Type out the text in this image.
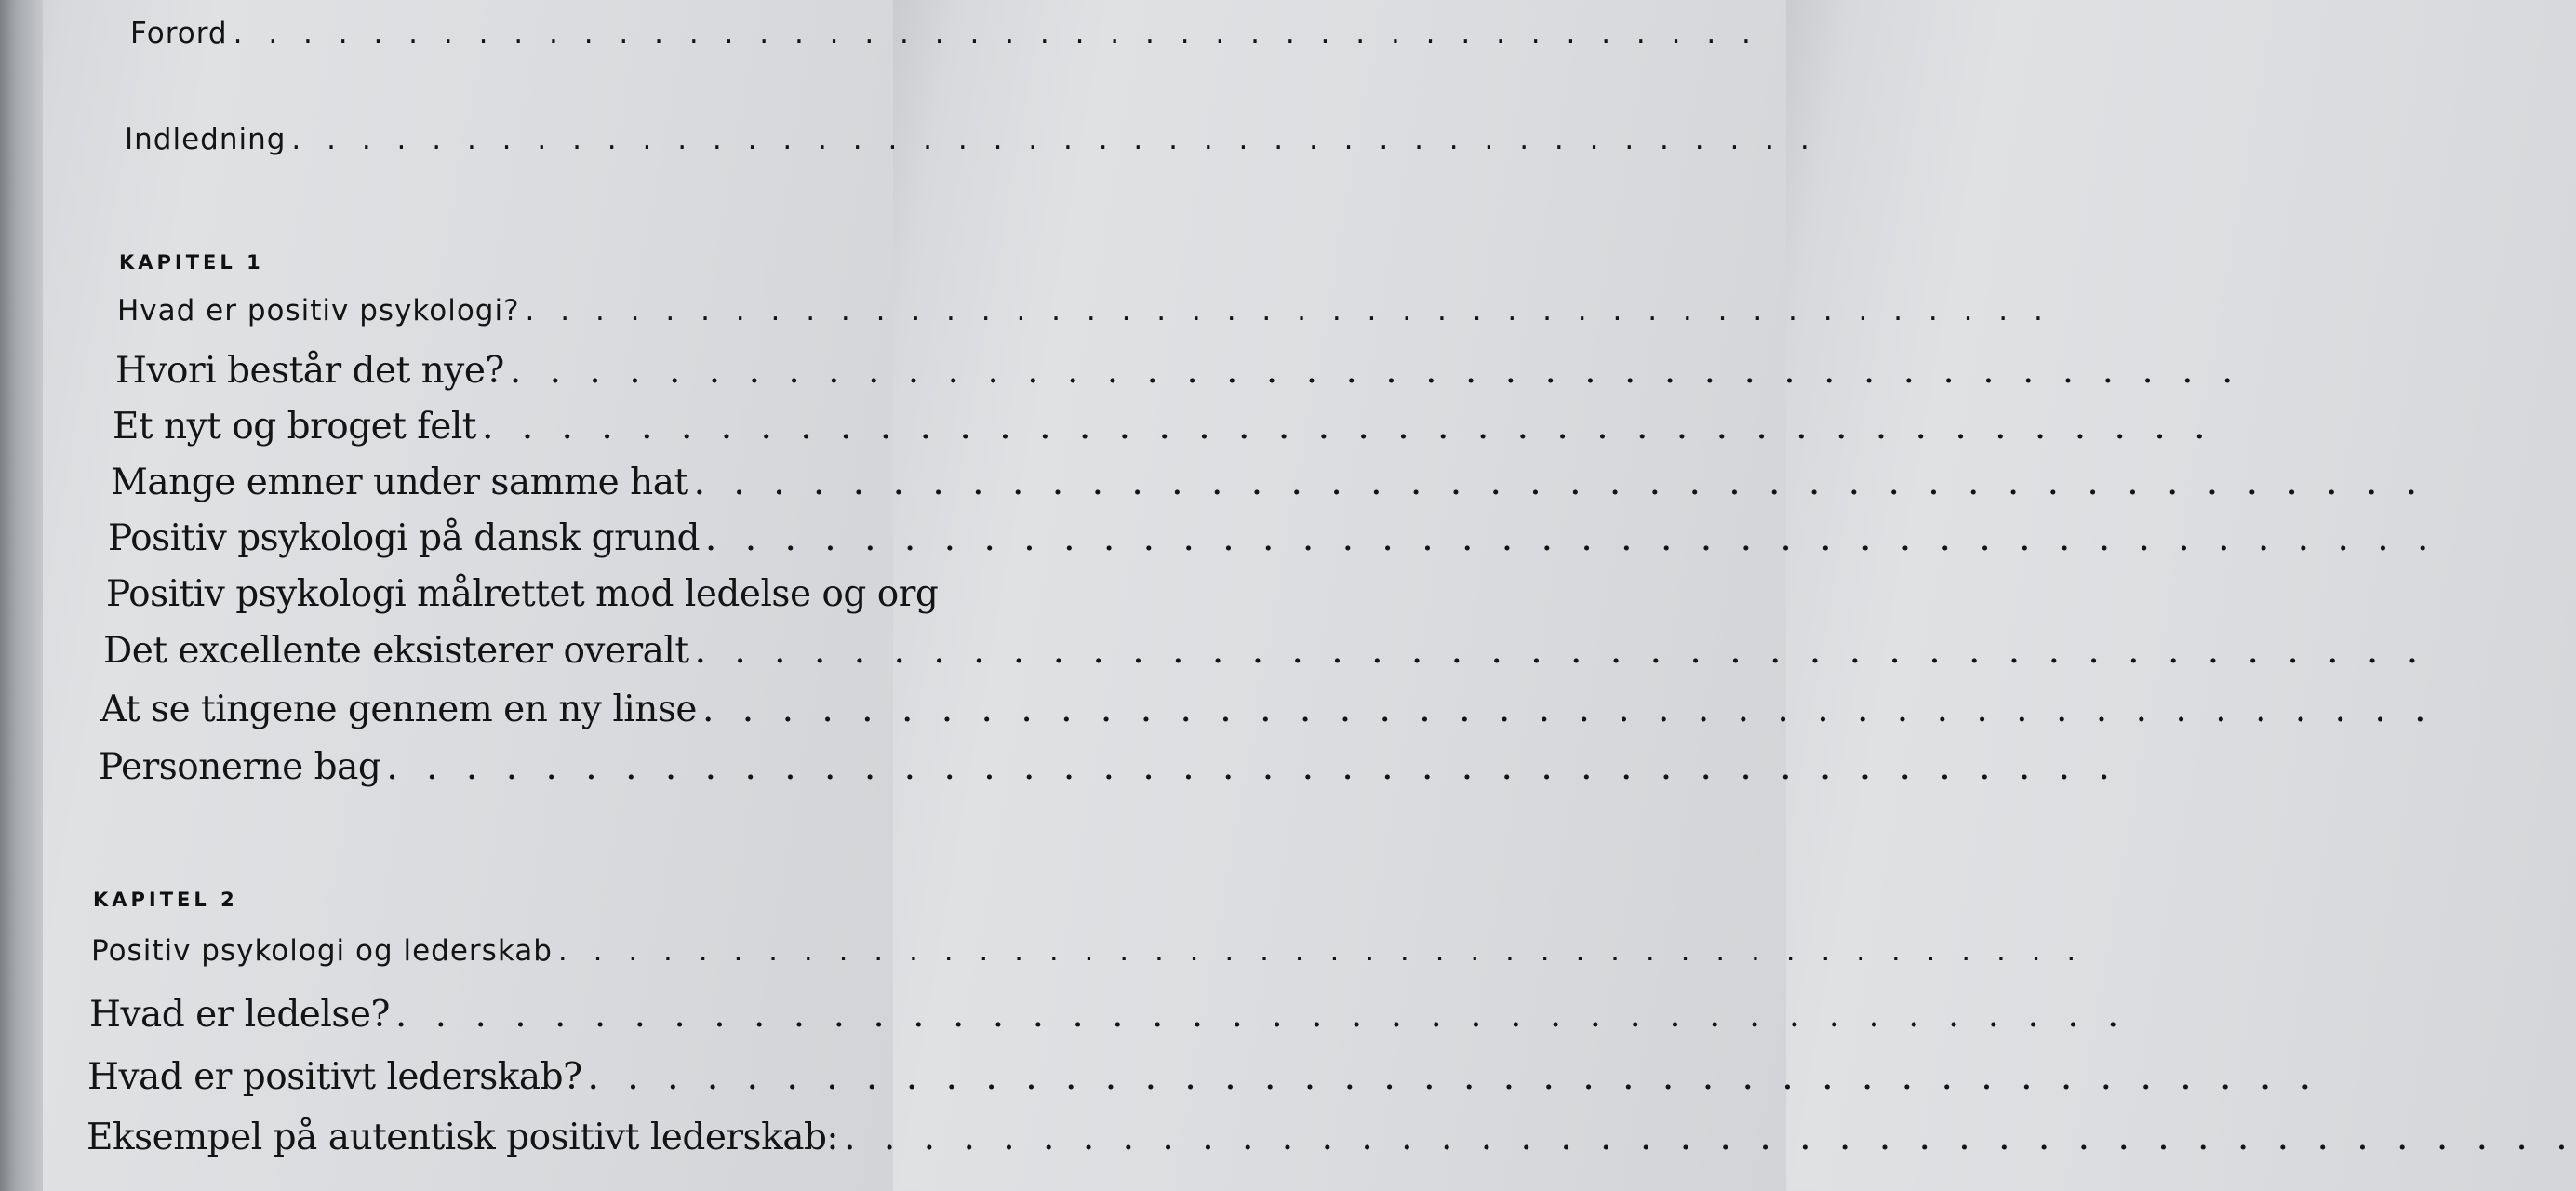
Forord . . . . . . . . . . . . . . . . . . . . . . . . . . . . . . . . . . . . . . . . . . . .
Indledning . . . . . . . . . . . . . . . . . . . . . . . . . . . . . . . . . . . . . . . . . . . .
KAPITEL 1
Hvad er positiv psykologi? . . . . . . . . . . . . . . . . . . . . . . . . . . . . . . . . . . . . . . . . . . . .
Hvori består det nye? . . . . . . . . . . . . . . . . . . . . . . . . . . . . . . . . . . . . . . . . . . . .
Et nyt og broget felt . . . . . . . . . . . . . . . . . . . . . . . . . . . . . . . . . . . . . . . . . . . .
Mange emner under samme hat . . . . . . . . . . . . . . . . . . . . . . . . . . . . . . . . . . . . . . . . . . . .
Positiv psykologi på dansk grund . . . . . . . . . . . . . . . . . . . . . . . . . . . . . . . . . . . . . . . . . . . .
Positiv psykologi målrettet mod ledelse og org
Det excellente eksisterer overalt . . . . . . . . . . . . . . . . . . . . . . . . . . . . . . . . . . . . . . . . . . . .
At se tingene gennem en ny linse . . . . . . . . . . . . . . . . . . . . . . . . . . . . . . . . . . . . . . . . . . . .
Personerne bag . . . . . . . . . . . . . . . . . . . . . . . . . . . . . . . . . . . . . . . . . . . .
KAPITEL 2
Positiv psykologi og lederskab . . . . . . . . . . . . . . . . . . . . . . . . . . . . . . . . . . . . . . . . . . . .
Hvad er ledelse? . . . . . . . . . . . . . . . . . . . . . . . . . . . . . . . . . . . . . . . . . . . .
Hvad er positivt lederskab? . . . . . . . . . . . . . . . . . . . . . . . . . . . . . . . . . . . . . . . . . . . .
Eksempel på autentisk positivt lederskab: . . . . . . . . . . . . . . . . . . . . . . . . . . . . . . . . . . . . . . . . . . . .
